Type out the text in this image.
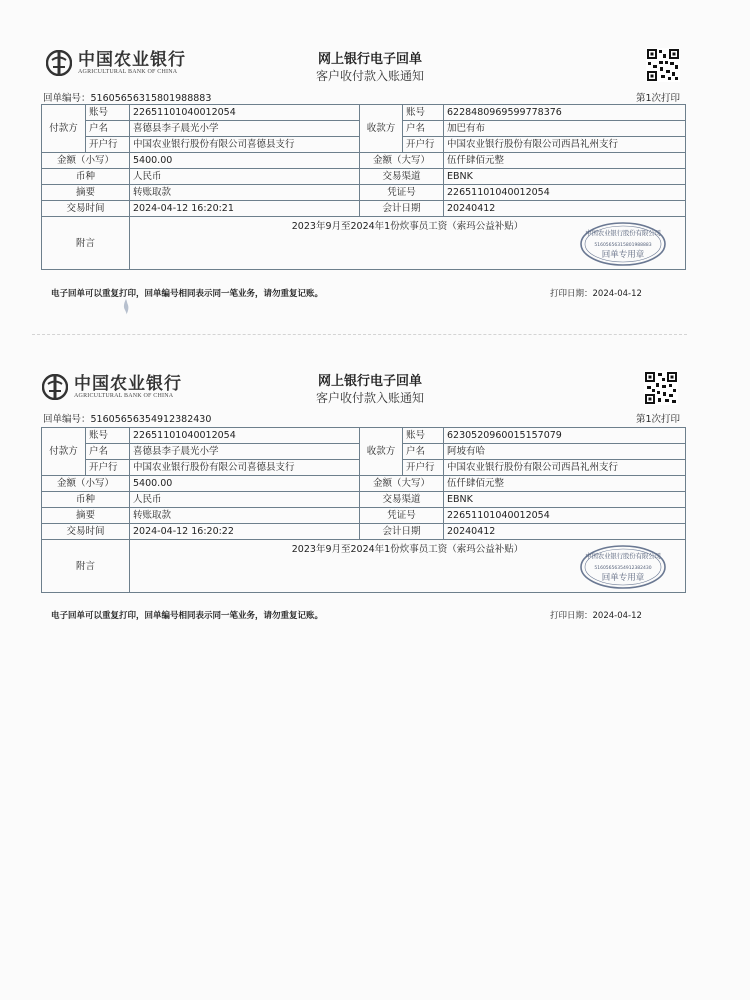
中国农业银行
AGRICULTURAL BANK OF CHINA
网上银行电子回单
客户收付款入账通知
回单编号：51605656315801988883	第1次打印
付款方	账号	22651101040012054	收款方	账号	6228480969599778376
	户名	喜德县李子晨光小学		户名	加巴有布
	开户行	中国农业银行股份有限公司喜德县支行		开户行	中国农业银行股份有限公司西昌礼州支行
金额（小写）		5400.00	金额（大写）		伍仟肆佰元整
币种		人民币	交易渠道		EBNK
摘要		转账取款	凭证号		22651101040012054
交易时间		2024-04-12 16:20:21	会计日期		20240412
附言		2023年9月至2024年1份炊事员工资（索玛公益补贴）
中国农业银行股份有限公司
51605656315801988883
回单专用章			
电子回单可以重复打印，回单编号相同表示同一笔业务，请勿重复记账。	打印日期：2024-04-12
中国农业银行
AGRICULTURAL BANK OF CHINA
网上银行电子回单
客户收付款入账通知
回单编号：51605656354912382430	第1次打印
付款方	账号	22651101040012054	收款方	账号	6230520960015157079
	户名	喜德县李子晨光小学		户名	阿坡有哈
	开户行	中国农业银行股份有限公司喜德县支行		开户行	中国农业银行股份有限公司西昌礼州支行
金额（小写）		5400.00	金额（大写）		伍仟肆佰元整
币种		人民币	交易渠道		EBNK
摘要		转账取款	凭证号		22651101040012054
交易时间		2024-04-12 16:20:22	会计日期		20240412
附言		2023年9月至2024年1份炊事员工资（索玛公益补贴）
中国农业银行股份有限公司
51605656354912382430
回单专用章			
电子回单可以重复打印，回单编号相同表示同一笔业务，请勿重复记账。	打印日期：2024-04-12
